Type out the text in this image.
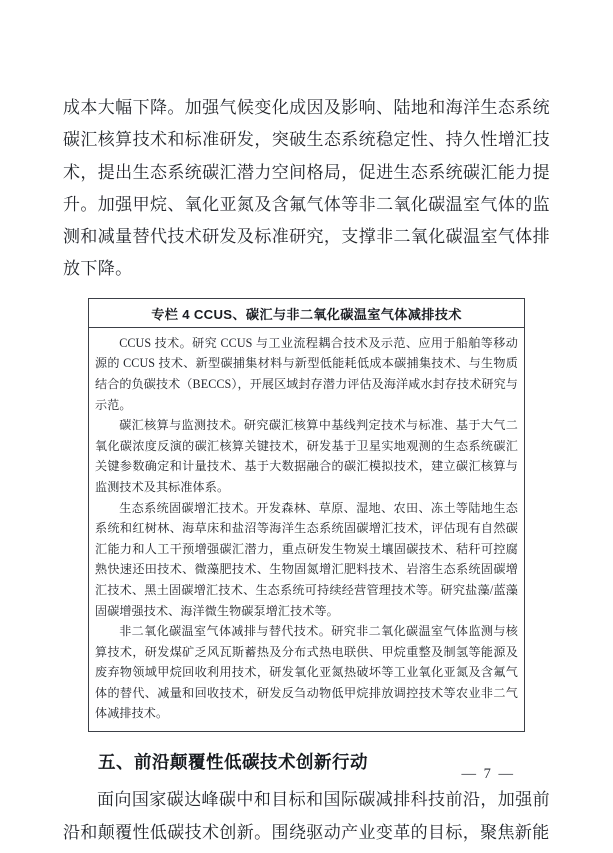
成本大幅下降。加强气候变化成因及影响、陆地和海洋生态系统碳汇核算技术和标准研发，突破生态系统稳定性、持久性增汇技术，提出生态系统碳汇潜力空间格局，促进生态系统碳汇能力提升。加强甲烷、氧化亚氮及含氟气体等非二氧化碳温室气体的监测和减量替代技术研发及标准研究，支撑非二氧化碳温室气体排放下降。

专栏 4 CCUS、碳汇与非二氧化碳温室气体减排技术

CCUS 技术。研究 CCUS 与工业流程耦合技术及示范、应用于船舶等移动源的 CCUS 技术、新型碳捕集材料与新型低能耗低成本碳捕集技术、与生物质结合的负碳技术（BECCS），开展区域封存潜力评估及海洋咸水封存技术研究与示范。

碳汇核算与监测技术。研究碳汇核算中基线判定技术与标准、基于大气二氧化碳浓度反演的碳汇核算关键技术，研发基于卫星实地观测的生态系统碳汇关键参数确定和计量技术、基于大数据融合的碳汇模拟技术，建立碳汇核算与监测技术及其标准体系。

生态系统固碳增汇技术。开发森林、草原、湿地、农田、冻土等陆地生态系统和红树林、海草床和盐沼等海洋生态系统固碳增汇技术，评估现有自然碳汇能力和人工干预增强碳汇潜力，重点研发生物炭土壤固碳技术、秸秆可控腐熟快速还田技术、微藻肥技术、生物固氮增汇肥料技术、岩溶生态系统固碳增汇技术、黑土固碳增汇技术、生态系统可持续经营管理技术等。研究盐藻/蓝藻固碳增强技术、海洋微生物碳泵增汇技术等。

非二氧化碳温室气体减排与替代技术。研究非二氧化碳温室气体监测与核算技术，研发煤矿乏风瓦斯蓄热及分布式热电联供、甲烷重整及制氢等能源及废弃物领域甲烷回收利用技术，研发氧化亚氮热破坏等工业氧化亚氮及含氟气体的替代、减量和回收技术，研发反刍动物低甲烷排放调控技术等农业非二气体减排技术。

五、前沿颠覆性低碳技术创新行动

面向国家碳达峰碳中和目标和国际碳减排科技前沿，加强前沿和颠覆性低碳技术创新。围绕驱动产业变革的目标，聚焦新能

— 7 —
